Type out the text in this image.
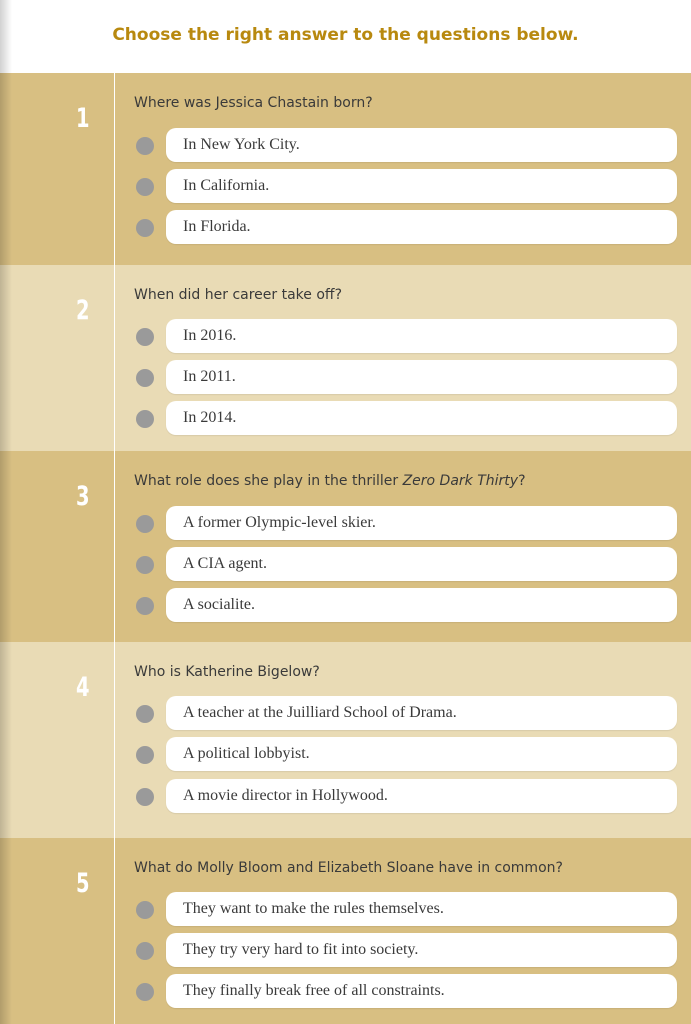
Choose the right answer to the questions below.
1	Where was Jessica Chastain born?
In New York City.
In California.
In Florida.
2	When did her career take off?
In 2016.
In 2011.
In 2014.
3	What role does she play in the thriller Zero Dark Thirty?
A former Olympic-level skier.
A CIA agent.
A socialite.
4	Who is Katherine Bigelow?
A teacher at the Juilliard School of Drama.
A political lobbyist.
A movie director in Hollywood.
5	What do Molly Bloom and Elizabeth Sloane have in common?
They want to make the rules themselves.
They try very hard to fit into society.
They finally break free of all constraints.
